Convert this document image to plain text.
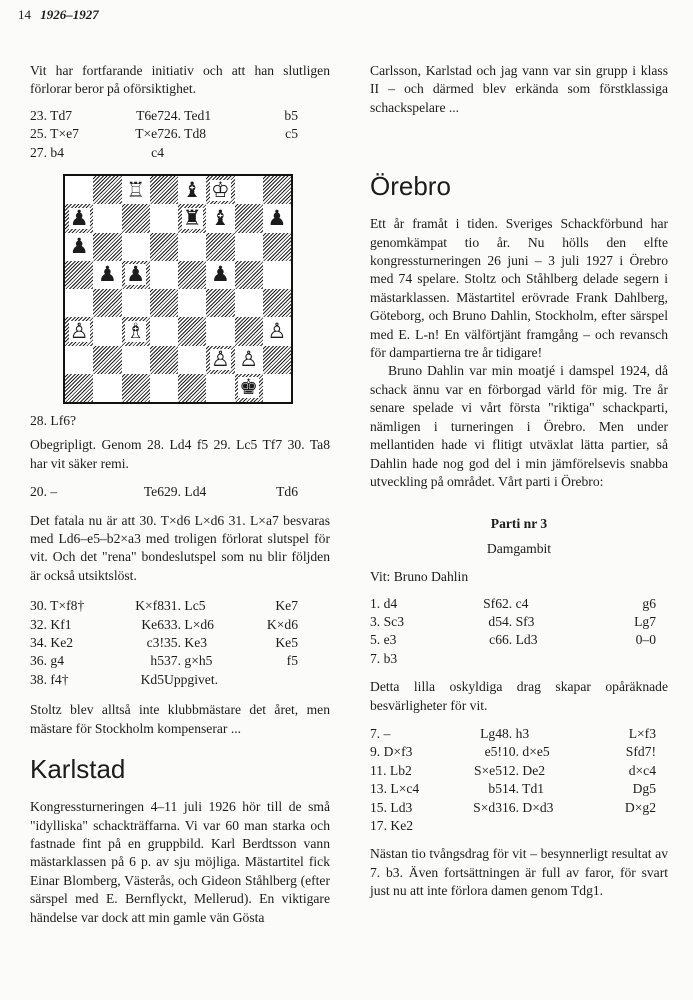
14 1926–1927

Vit har fortfarande initiativ och att han slutligen förlorar beror på oförsiktighet.

23. Td7	T6e7 24. Ted1	b5
25. T×e7	T×e7 26. Td8	c5
27. b4	c4
♖ ♝ ♔
♟	♜ ♝ ♟
♟
♟ ♟	♟
♙ ♗	♙
♙ ♙
♚

28. Lf6?

Obegripligt. Genom 28. Ld4 f5 29. Lc5 Tf7 30. Ta8 har vit säker remi.

20. –	Te6 29. Ld4	Td6

Det fatala nu är att 30. T×d6 L×d6 31. L×a7 besvaras med Ld6–e5–b2×a3 med troligen förlorat slutspel för vit. Och det "rena" bondeslutspel som nu blir följden är också utsiktslöst.

30. T×f8†	K×f8 31. Lc5	Ke7
32. Kf1	Ke6 33. L×d6	K×d6
34. Ke2	c3! 35. Ke3	Ke5
36. g4	h5 37. g×h5	f5
38. f4†	Kd5 Uppgivet.

Stoltz blev alltså inte klubbmästare det året, men mästare för Stockholm kompenserar ...

Karlstad

Kongressturneringen 4–11 juli 1926 hör till de små "idylliska" schackträffarna. Vi var 60 man starka och fastnade fint på en gruppbild. Karl Berdtsson vann mästarklassen på 6 p. av sju möjliga. Mästartitel fick Einar Blomberg, Västerås, och Gideon Ståhlberg (efter särspel med E. Bernflyckt, Mellerud). En viktigare händelse var dock att min gamle vän Gösta

Carlsson, Karlstad och jag vann var sin grupp i klass II – och därmed blev erkända som förstklassiga schackspelare ...

Örebro

Ett år framåt i tiden. Sveriges Schackförbund har genomkämpat tio år. Nu hölls den elfte kongressturneringen 26 juni – 3 juli 1927 i Örebro med 74 spelare. Stoltz och Ståhlberg delade segern i mästarklassen. Mästartitel erövrade Frank Dahlberg, Göteborg, och Bruno Dahlin, Stockholm, efter särspel med E. L-n! En välförtjänt framgång – och revansch för dampartierna tre år tidigare!

Bruno Dahlin var min moatjé i damspel 1924, då schack ännu var en förborgad värld för mig. Tre år senare spelade vi vårt första "riktiga" schackparti, nämligen i turneringen i Örebro. Men under mellantiden hade vi flitigt utväxlat lätta partier, så Dahlin hade nog god del i min jämförelsevis snabba utveckling på området. Vårt parti i Örebro:

Parti nr 3
Damgambit
Vit: Bruno Dahlin
1. d4	Sf6 2. c4	g6
3. Sc3	d5 4. Sf3	Lg7
5. e3	c6 6. Ld3	0–0
7. b3

Detta lilla oskyldiga drag skapar opåräknade besvärligheter för vit.

7. –	Lg4 8. h3	L×f3
9. D×f3	e5! 10. d×e5	Sfd7!
11. Lb2	S×e5 12. De2	d×c4
13. L×c4	b5 14. Td1	Dg5
15. Ld3	S×d3 16. D×d3	D×g2
17. Ke2

Nästan tio tvångsdrag för vit – besynnerligt resultat av 7. b3. Även fortsättningen är full av faror, för svart just nu att inte förlora damen genom Tdg1.
